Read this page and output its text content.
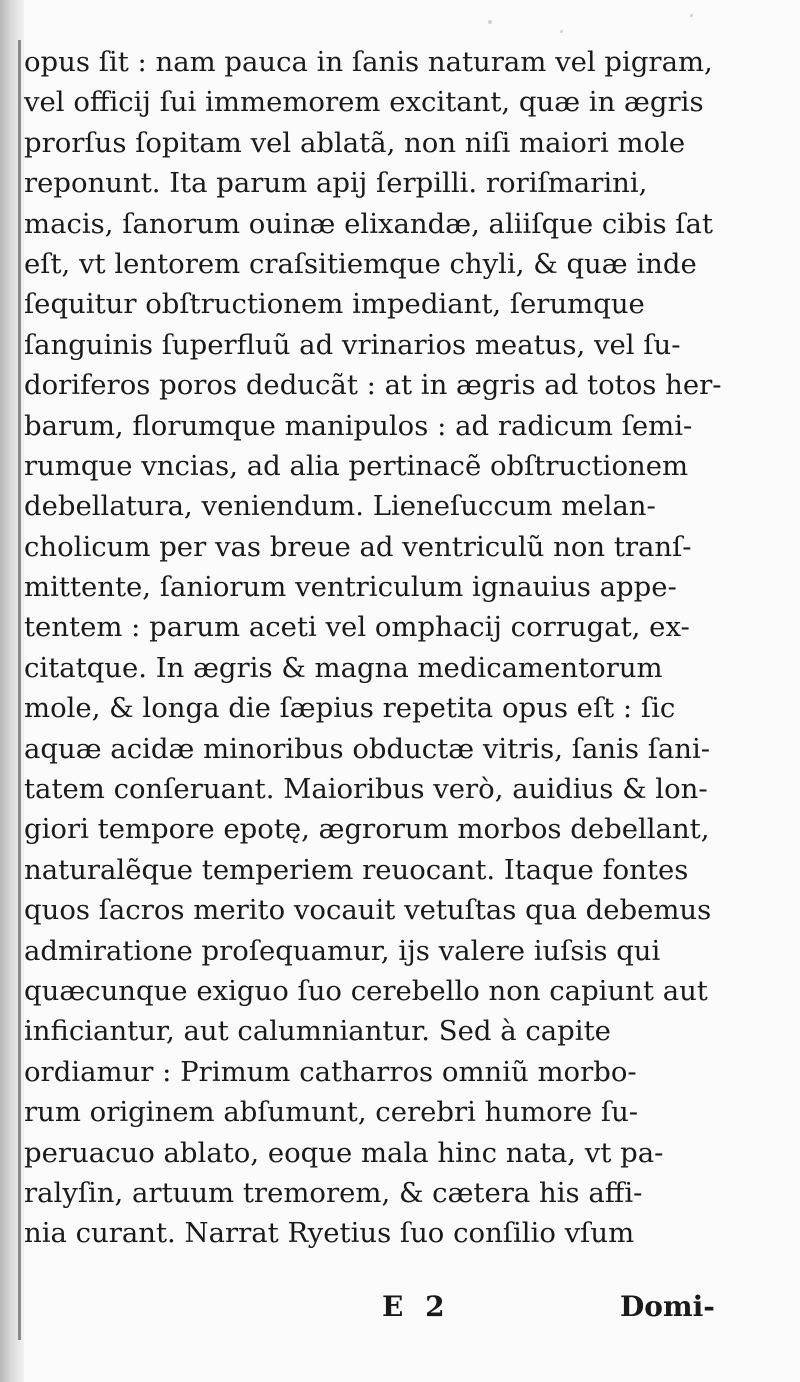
opus ſit : nam pauca in ſanis naturam vel pigram,
vel officij ſui immemorem excitant, quæ in ægris
prorſus ſopitam vel ablatã, non niſi maiori mole
reponunt. Ita parum apij ſerpilli. roriſmarini,
macis, ſanorum ouinæ elixandæ, aliiſque cibis ſat
eſt, vt lentorem craſsitiemque chyli, & quæ inde
ſequitur obſtructionem impediant, ſerumque
ſanguinis ſuperfluũ ad vrinarios meatus, vel ſu-
doriferos poros deducãt : at in ægris ad totos her-
barum, florumque manipulos : ad radicum ſemi-
rumque vncias, ad alia pertinacẽ obſtructionem
debellatura, veniendum. Lieneſuccum melan-
cholicum per vas breue ad ventriculũ non tranſ-
mittente, ſaniorum ventriculum ignauius appe-
tentem : parum aceti vel omphacij corrugat, ex-
citatque. In ægris & magna medicamentorum
mole, & longa die ſæpius repetita opus eſt : ſic
aquæ acidæ minoribus obductæ vitris, ſanis ſani-
tatem conſeruant. Maioribus verò, auidius & lon-
giori tempore epotę, ægrorum morbos debellant,
naturalẽque temperiem reuocant. Itaque fontes
quos ſacros merito vocauit vetuſtas qua debemus
admiratione proſequamur, ijs valere iuſsis qui
quæcunque exiguo ſuo cerebello non capiunt aut
inficiantur, aut calumniantur. Sed à capite
ordiamur : Primum catharros omniũ morbo-
rum originem abſumunt, cerebri humore ſu-
peruacuo ablato, eoque mala hinc nata, vt pa-
ralyſin, artuum tremorem, & cætera his affi-
nia curant. Narrat Ryetius ſuo conſilio vſum
E 2	Domi-
